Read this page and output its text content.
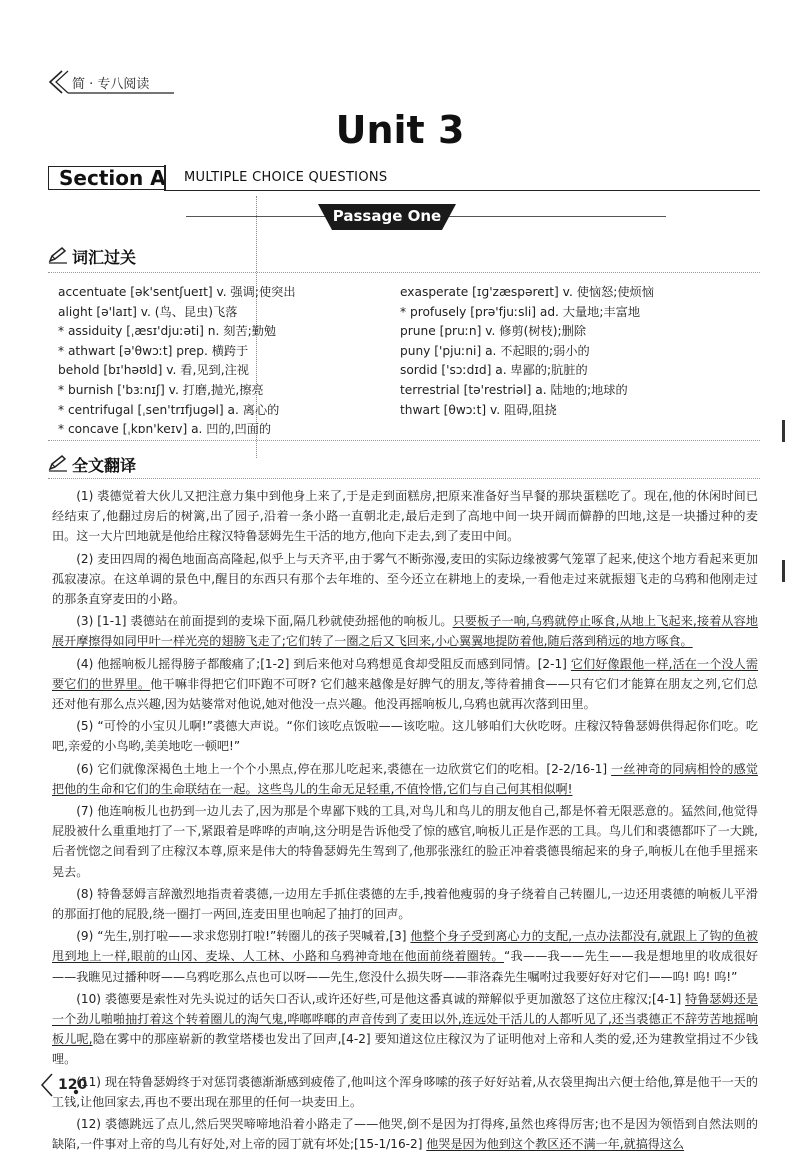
简 · 专八阅读
Unit 3
Section A MULTIPLE CHOICE QUESTIONS
Passage One
词汇过关
accentuate [ək'sentʃueɪt] v. 强调;使突出
alight [ə'laɪt] v. (鸟、昆虫)飞落
* assiduity [ˌæsɪ'djuːəti] n. 刻苦;勤勉
* athwart [ə'θwɔːt] prep. 横跨于
behold [bɪ'həʊld] v. 看,见到,注视
* burnish ['bɜːnɪʃ] v. 打磨,抛光,擦亮
* centrifugal [ˌsen'trɪfjuɡəl] a. 离心的
* concave [ˌkɒn'keɪv] a. 凹的,凹面的
exasperate [ɪɡ'zæspəreɪt] v. 使恼怒;使烦恼
* profusely [prə'fjuːsli] ad. 大量地;丰富地
prune [pruːn] v. 修剪(树枝);删除
puny ['pjuːni] a. 不起眼的;弱小的
sordid ['sɔːdɪd] a. 卑鄙的;肮脏的
terrestrial [tə'restriəl] a. 陆地的;地球的
thwart [θwɔːt] v. 阻碍,阻挠
全文翻译

(1) 裘德觉着大伙儿又把注意力集中到他身上来了,于是走到面糕房,把原来准备好当早餐的那块蛋糕吃了。现在,他的休闲时间已经结束了,他翻过房后的树篱,出了园子,沿着一条小路一直朝北走,最后走到了高地中间一块开阔而僻静的凹地,这是一块播过种的麦田。这一大片凹地就是他给庄稼汉特鲁瑟姆先生干活的地方,他向下走去,到了麦田中间。

(2) 麦田四周的褐色地面高高隆起,似乎上与天齐平,由于雾气不断弥漫,麦田的实际边缘被雾气笼罩了起来,使这个地方看起来更加孤寂凄凉。在这单调的景色中,醒目的东西只有那个去年堆的、至今还立在耕地上的麦垛,一看他走过来就振翅飞走的乌鸦和他刚走过的那条直穿麦田的小路。

(3) [1-1] 裘德站在前面提到的麦垛下面,隔几秒就使劲摇他的响板儿。只要板子一响,乌鸦就停止啄食,从地上飞起来,接着从容地展开摩擦得如同甲叶一样光亮的翅膀飞走了;它们转了一圈之后又飞回来,小心翼翼地提防着他,随后落到稍远的地方啄食。

(4) 他摇响板儿摇得膀子都酸痛了;[1-2] 到后来他对乌鸦想觅食却受阻反而感到同情。[2-1] 它们好像跟他一样,活在一个没人需要它们的世界里。他干嘛非得把它们吓跑不可呀? 它们越来越像是好脾气的朋友,等待着捕食——只有它们才能算在朋友之列,它们总还对他有那么点兴趣,因为姑婆常对他说,她对他没一点兴趣。他没再摇响板儿,乌鸦也就再次落到田里。

(5) “可怜的小宝贝儿啊!”裘德大声说。“你们该吃点饭啦——该吃啦。这儿够咱们大伙吃呀。庄稼汉特鲁瑟姆供得起你们吃。吃吧,亲爱的小鸟哟,美美地吃一顿吧!”

(6) 它们就像深褐色土地上一个个小黑点,停在那儿吃起来,裘德在一边欣赏它们的吃相。[2-2/16-1] 一丝神奇的同病相怜的感觉把他的生命和它们的生命联结在一起。这些鸟儿的生命无足轻重,不值怜惜,它们与自己何其相似啊!

(7) 他连响板儿也扔到一边儿去了,因为那是个卑鄙下贱的工具,对鸟儿和鸟儿的朋友他自己,都是怀着无限恶意的。猛然间,他觉得屁股被什么重重地打了一下,紧跟着是哗哗的声响,这分明是告诉他受了惊的感官,响板儿正是作恶的工具。鸟儿们和裘德都吓了一大跳,后者恍惚之间看到了庄稼汉本尊,原来是伟大的特鲁瑟姆先生驾到了,他那张涨红的脸正冲着裘德畏缩起来的身子,响板儿在他手里摇来晃去。

(8) 特鲁瑟姆言辞激烈地指责着裘德,一边用左手抓住裘德的左手,拽着他瘦弱的身子绕着自己转圈儿,一边还用裘德的响板儿平滑的那面打他的屁股,绕一圈打一两回,连麦田里也响起了抽打的回声。

(9) “先生,别打啦——求求您别打啦!”转圈儿的孩子哭喊着,[3] 他整个身子受到离心力的支配,一点办法都没有,就跟上了钩的鱼被甩到地上一样,眼前的山冈、麦垛、人工林、小路和乌鸦神奇地在他面前绕着圈转。“我——我——先生——我是想地里的收成很好——我瞧见过播种呀——乌鸦吃那么点也可以呀——先生,您没什么损失呀——菲洛森先生嘱咐过我要好好对它们——呜! 呜! 呜!”

(10) 裘德要是索性对先头说过的话矢口否认,或许还好些,可是他这番真诚的辩解似乎更加激怒了这位庄稼汉;[4-1] 特鲁瑟姆还是一个劲儿啪啪抽打着这个转着圈儿的淘气鬼,哗啷哗啷的声音传到了麦田以外,连远处干活儿的人都听见了,还当裘德正不辞劳苦地摇响板儿呢,隐在雾中的那座崭新的教堂塔楼也发出了回声,[4-2] 要知道这位庄稼汉为了证明他对上帝和人类的爱,还为建教堂捐过不少钱哩。

(11) 现在特鲁瑟姆终于对惩罚裘德渐渐感到疲倦了,他叫这个浑身哆嗦的孩子好好站着,从衣袋里掏出六便士给他,算是他干一天的工钱,让他回家去,再也不要出现在那里的任何一块麦田上。

(12) 裘德跳远了点儿,然后哭哭啼啼地沿着小路走了——他哭,倒不是因为打得疼,虽然也疼得厉害;也不是因为领悟到自然法则的缺陷,一件事对上帝的鸟儿有好处,对上帝的园丁就有坏处;[15-1/16-2] 他哭是因为他到这个教区还不满一年,就搞得这么

120
